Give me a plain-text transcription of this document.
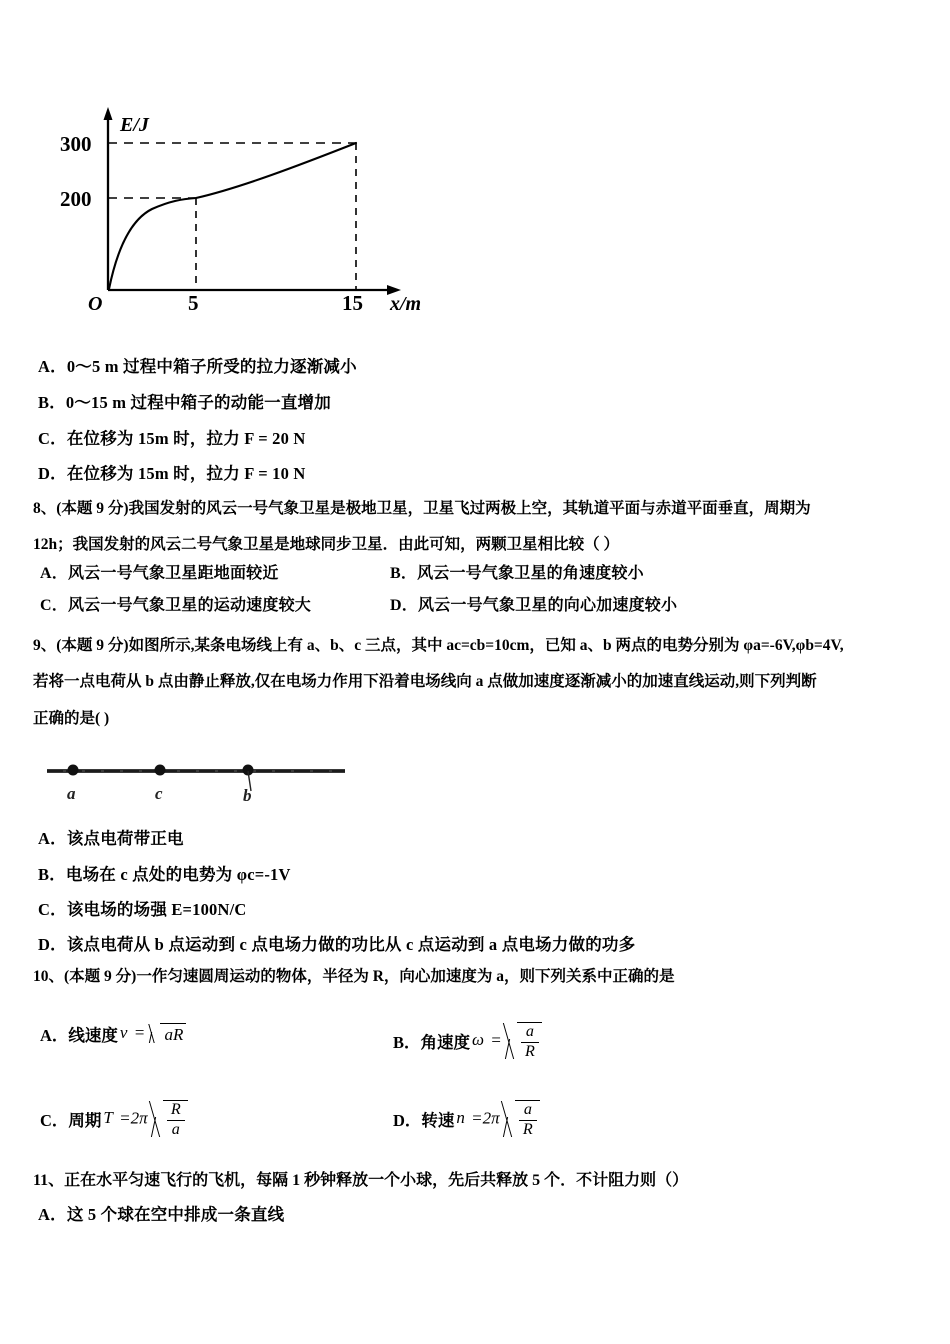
E/J
300
200
O	5	15 x/m
A．0〜5 m 过程中箱子所受的拉力逐渐减小
B．0〜15 m 过程中箱子的动能一直增加
C．在位移为 15m 时，拉力 F = 20 N
D．在位移为 15m 时，拉力 F = 10 N
8、(本题 9 分)我国发射的风云一号气象卫星是极地卫星，卫星飞过两极上空，其轨道平面与赤道平面垂直，周期为
12h；我国发射的风云二号气象卫星是地球同步卫星．由此可知，两颗卫星相比较（ ）
A．风云一号气象卫星距地面较近	B．风云一号气象卫星的角速度较小
C．风云一号气象卫星的运动速度较大	D．风云一号气象卫星的向心加速度较小
9、(本题 9 分)如图所示,某条电场线上有 a、b、c 三点，其中 ac=cb=10cm，已知 a、b 两点的电势分别为 φa=-6V,φb=4V,
若将一点电荷从 b 点由静止释放,仅在电场力作用下沿着电场线向 a 点做加速度逐渐减小的加速直线运动,则下列判断
正确的是( )
a	c	b
A．该点电荷带正电
B．电场在 c 点处的电势为 φc=-1V
C．该电场的场强 E=100N/C
D．该点电荷从 b 点运动到 c 点电场力做的功比从 c 点运动到 a 点电场力做的功多
10、(本题 9 分)一作匀速圆周运动的物体，半径为 R，向心加速度为 a，则下列关系中正确的是
A． 线速度 v = aR	B． 角速度 $\omega = \frac{a}{R}$
C． 周期 $T =2\pi \frac{R}{a}$	D． 转速 $n =2\pi \frac{a}{R}$
11、正在水平匀速飞行的飞机，每隔 1 秒钟释放一个小球，先后共释放 5 个．不计阻力则（）
A．这 5 个球在空中排成一条直线
